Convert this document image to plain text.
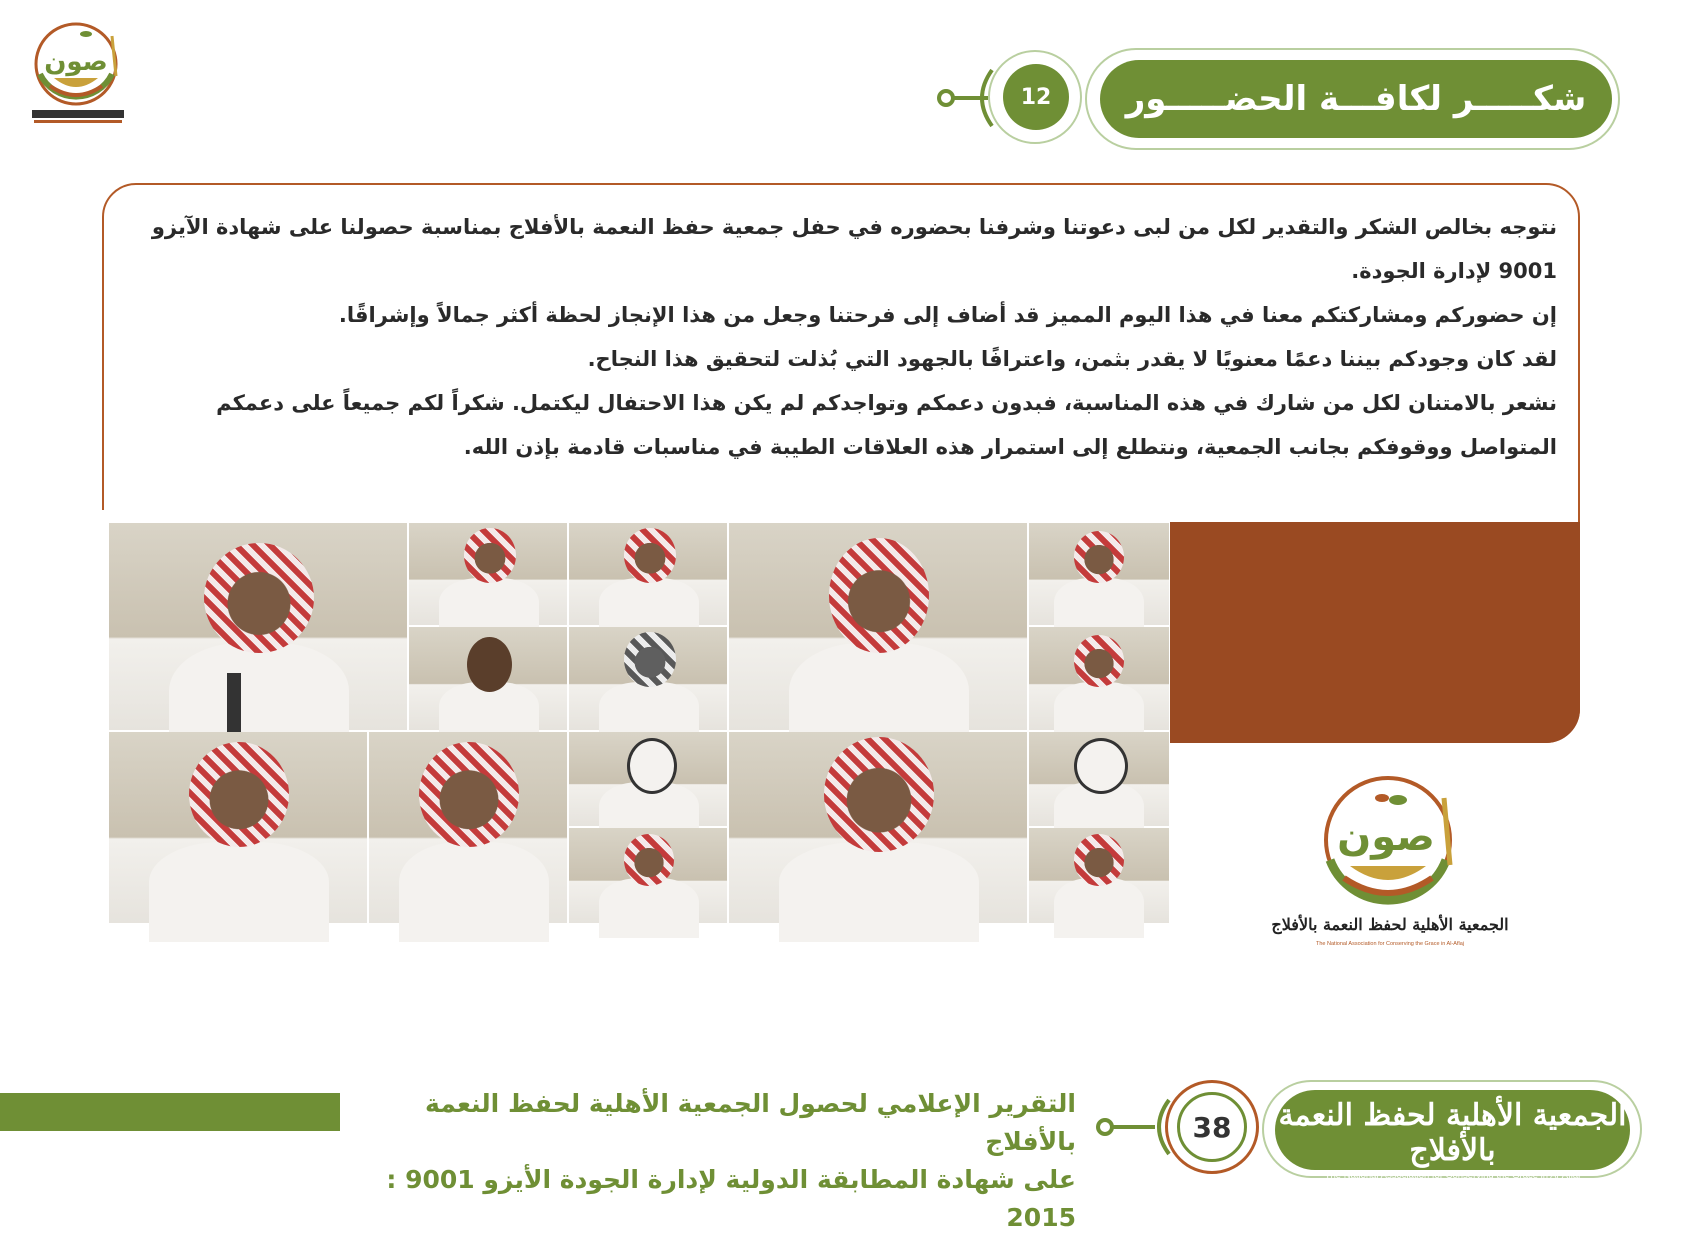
صون
شكـــــر لكافـــة الحضـــــور
12

نتوجه بخالص الشكر والتقدير لكل من لبى دعوتنا وشرفنا بحضوره في حفل جمعية حفظ النعمة بالأفلاج بمناسبة حصولنا على شهادة الآيزو 9001 لإدارة الجودة.

إن حضوركم ومشاركتكم معنا في هذا اليوم المميز قد أضاف إلى فرحتنا وجعل من هذا الإنجاز لحظة أكثر جمالاً وإشراقًا.

لقد كان وجودكم بيننا دعمًا معنويًا لا يقدر بثمن، واعترافًا بالجهود التي بُذلت لتحقيق هذا النجاح.

نشعر بالامتنان لكل من شارك في هذه المناسبة، فبدون دعمكم وتواجدكم لم يكن هذا الاحتفال ليكتمل. شكراً لكم جميعاً على دعمكم المتواصل ووقوفكم بجانب الجمعية، ونتطلع إلى استمرار هذه العلاقات الطيبة في مناسبات قادمة بإذن الله.

صون
الجمعية الأهلية لحفظ النعمة بالأفلاج
The National Association for Conserving the Grace in Al-Aflaj
التقرير الإعلامي لحصول الجمعية الأهلية لحفظ النعمة بالأفلاج
على شهادة المطابقة الدولية لإدارة الجودة الأيزو 9001 : 2015
38	الجمعية الأهلية لحفظ النعمة بالأفلاج
The National Association for Conserving the Grace in Al-Aflaj
